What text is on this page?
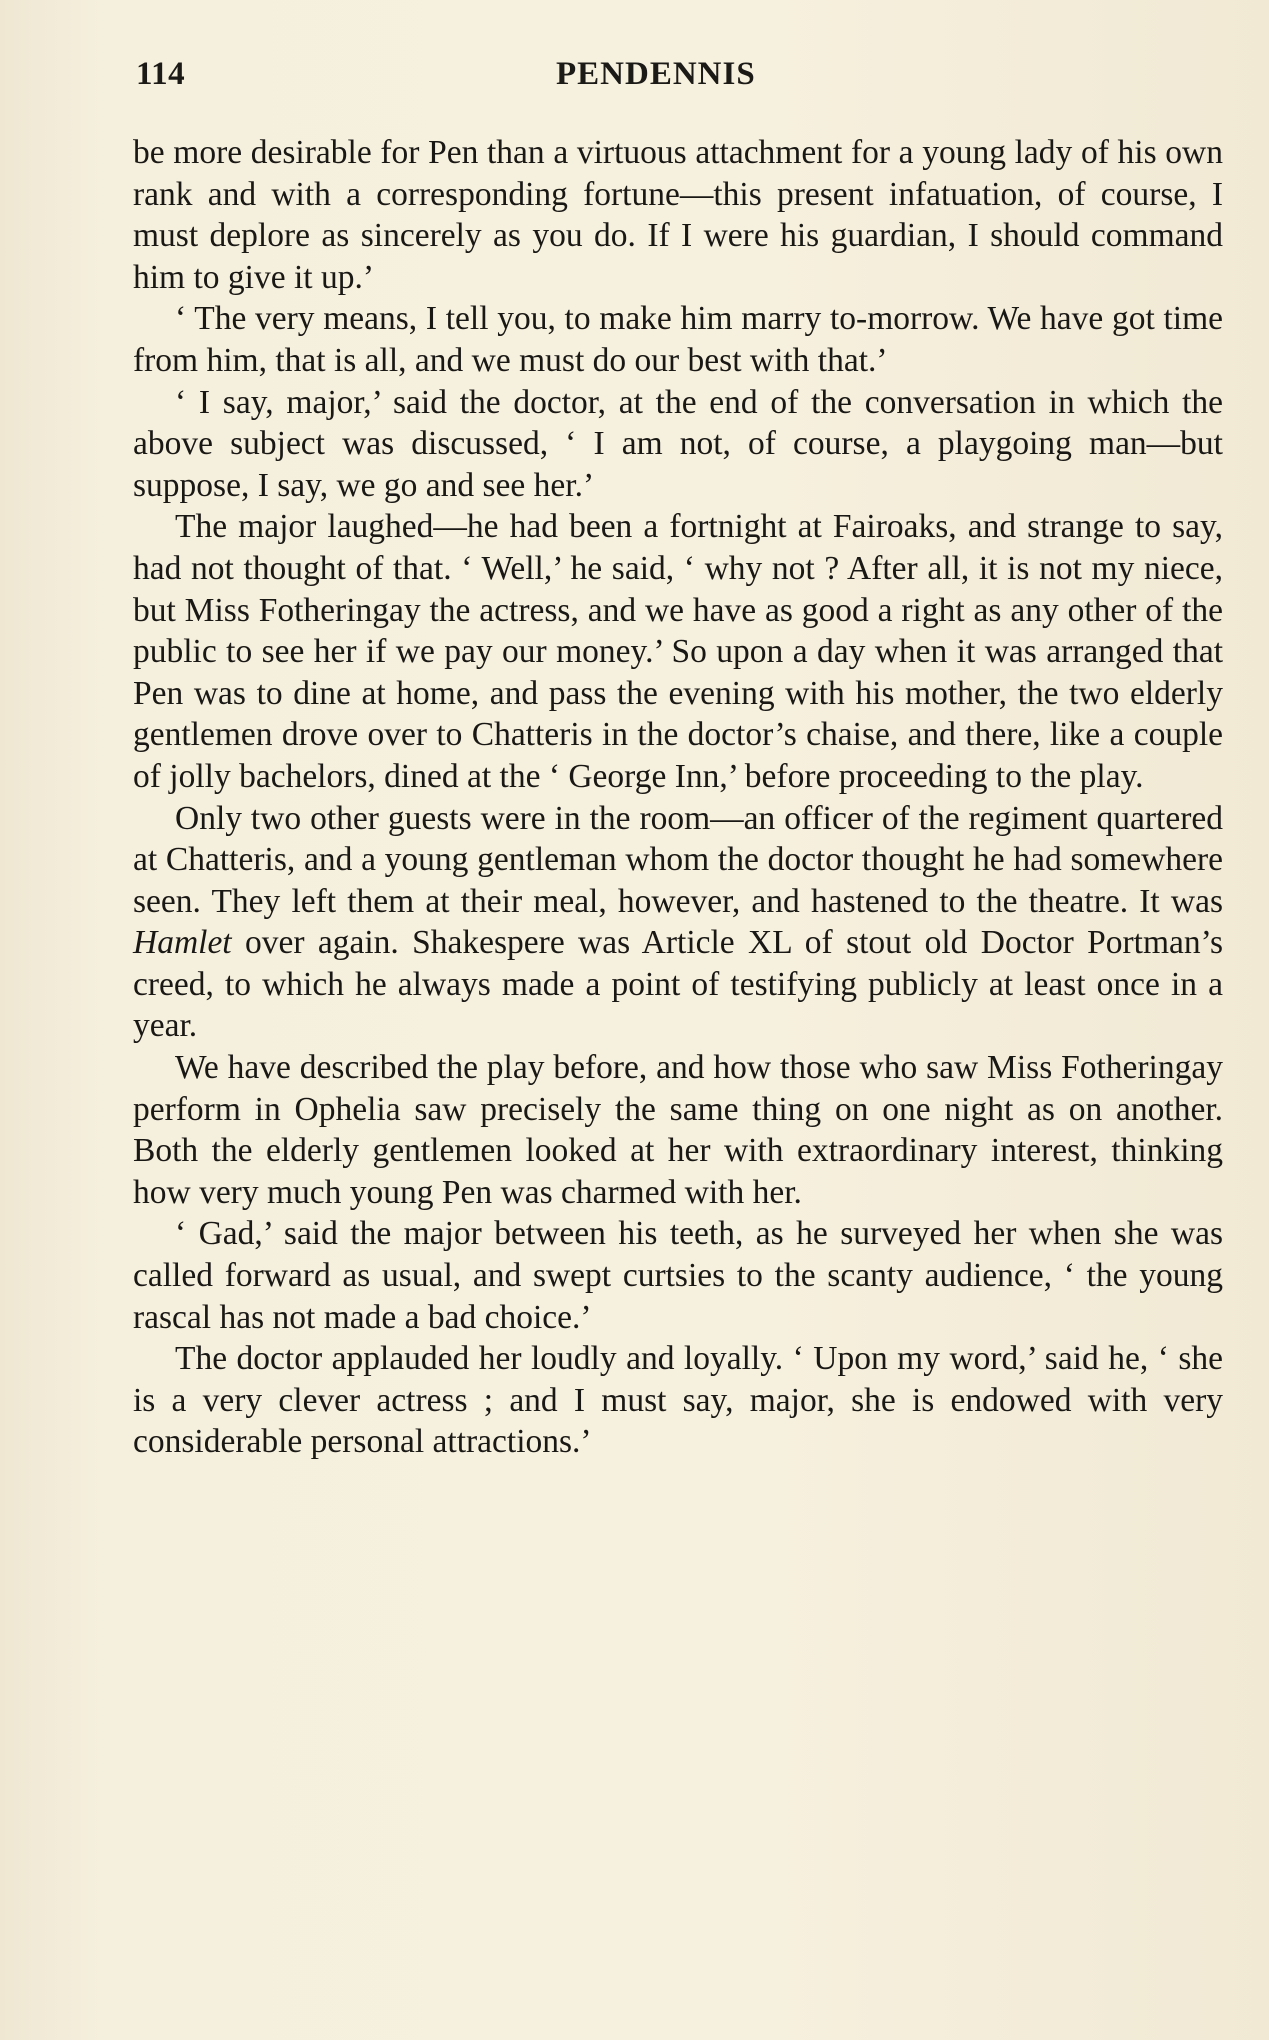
114	PENDENNIS

be more desirable for Pen than a virtuous attachment for a young lady of his own rank and with a corresponding fortune—this present infatuation, of course, I must deplore as sincerely as you do. If I were his guardian, I should command him to give it up.’

‘ The very means, I tell you, to make him marry to-morrow. We have got time from him, that is all, and we must do our best with that.’

‘ I say, major,’ said the doctor, at the end of the conversation in which the above subject was discussed, ‘ I am not, of course, a playgoing man—but suppose, I say, we go and see her.’

The major laughed—he had been a fortnight at Fairoaks, and strange to say, had not thought of that. ‘ Well,’ he said, ‘ why not ? After all, it is not my niece, but Miss Fotheringay the actress, and we have as good a right as any other of the public to see her if we pay our money.’ So upon a day when it was arranged that Pen was to dine at home, and pass the evening with his mother, the two elderly gentlemen drove over to Chatteris in the doctor’s chaise, and there, like a couple of jolly bachelors, dined at the ‘ George Inn,’ before proceeding to the play.

Only two other guests were in the room—an officer of the regiment quartered at Chatteris, and a young gentleman whom the doctor thought he had somewhere seen. They left them at their meal, however, and hastened to the theatre. It was Hamlet over again. Shakespere was Article XL of stout old Doctor Portman’s creed, to which he always made a point of testifying publicly at least once in a year.

We have described the play before, and how those who saw Miss Fotheringay perform in Ophelia saw precisely the same thing on one night as on another. Both the elderly gentlemen looked at her with extraordinary interest, thinking how very much young Pen was charmed with her.

‘ Gad,’ said the major between his teeth, as he surveyed her when she was called forward as usual, and swept curtsies to the scanty audience, ‘ the young rascal has not made a bad choice.’

The doctor applauded her loudly and loyally. ‘ Upon my word,’ said he, ‘ she is a very clever actress ; and I must say, major, she is endowed with very considerable personal attractions.’
